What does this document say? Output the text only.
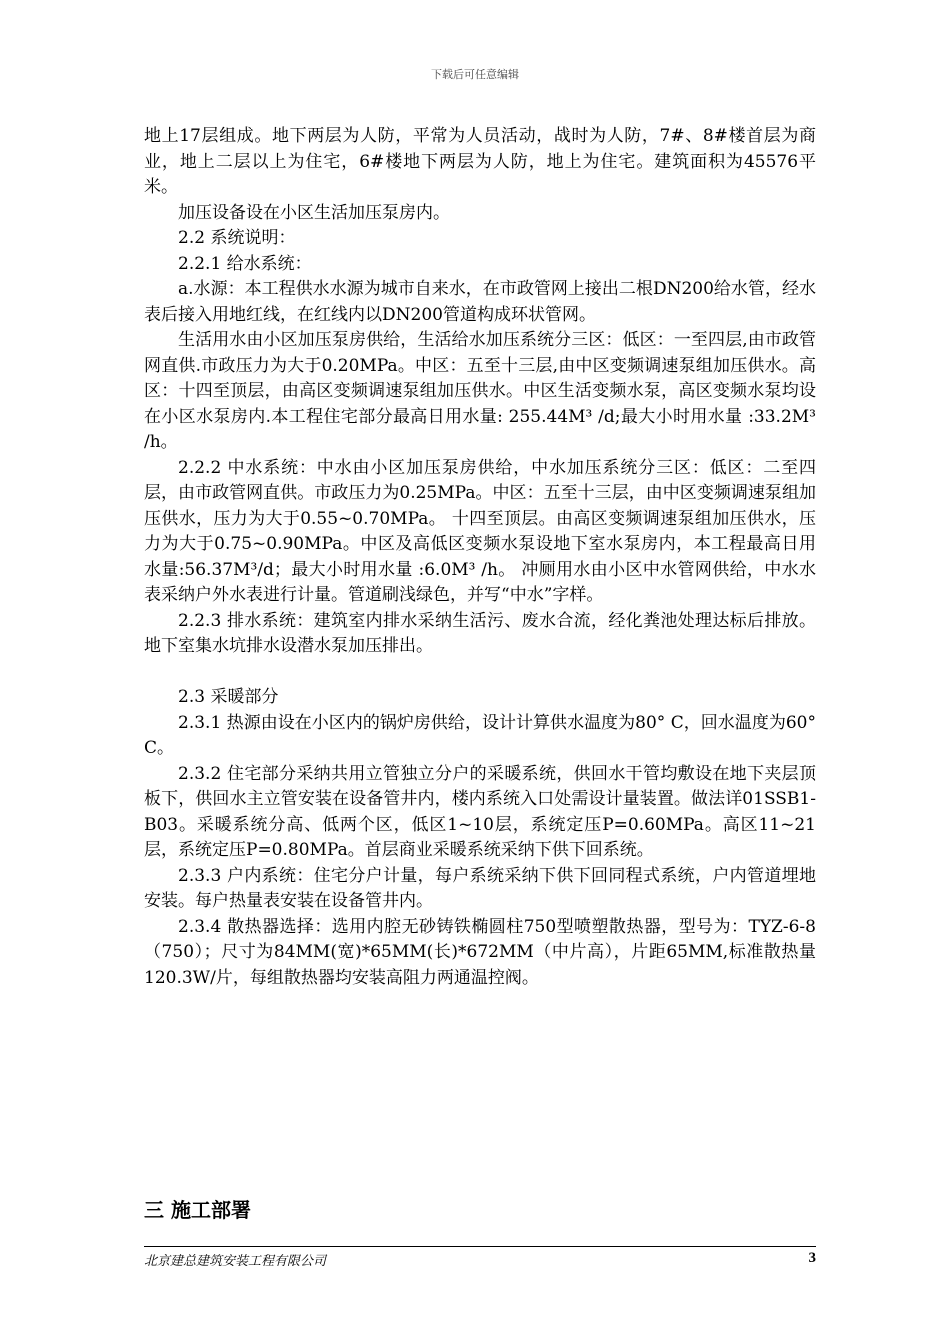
下载后可任意编辑

地上17层组成。地下两层为人防，平常为人员活动，战时为人防，7#、8#楼首层为商业，地上二层以上为住宅，6#楼地下两层为人防，地上为住宅。建筑面积为45576平米。

加压设备设在小区生活加压泵房内。

2.2 系统说明：

2.2.1 给水系统：

a.水源：本工程供水水源为城市自来水，在市政管网上接出二根DN200给水管，经水表后接入用地红线，在红线内以DN200管道构成环状管网。

生活用水由小区加压泵房供给，生活给水加压系统分三区：低区：一至四层,由市政管网直供.市政压力为大于0.20MPa。中区：五至十三层,由中区变频调速泵组加压供水。高区：十四至顶层，由高区变频调速泵组加压供水。中区生活变频水泵，高区变频水泵均设在小区水泵房内.本工程住宅部分最高日用水量: 255.44M³ /d;最大小时用水量 :33.2M³ /h。

2.2.2 中水系统：中水由小区加压泵房供给，中水加压系统分三区：低区：二至四层，由市政管网直供。市政压力为0.25MPa。中区：五至十三层，由中区变频调速泵组加压供水，压力为大于0.55~0.70MPa。 十四至顶层。由高区变频调速泵组加压供水，压力为大于0.75~0.90MPa。中区及高低区变频水泵设地下室水泵房内，本工程最高日用水量:56.37M³/d；最大小时用水量 :6.0M³ /h。 冲厕用水由小区中水管网供给，中水水表采纳户外水表进行计量。管道刷浅绿色，并写“中水”字样。

2.2.3 排水系统：建筑室内排水采纳生活污、废水合流，经化粪池处理达标后排放。地下室集水坑排水设潜水泵加压排出。

2.3 采暖部分

2.3.1 热源由设在小区内的锅炉房供给，设计计算供水温度为80° C，回水温度为60° C。

2.3.2 住宅部分采纳共用立管独立分户的采暖系统，供回水干管均敷设在地下夹层顶板下，供回水主立管安装在设备管井内，楼内系统入口处需设计量装置。做法详01SSB1-B03。采暖系统分高、低两个区，低区1~10层，系统定压P=0.60MPa。高区11~21层，系统定压P=0.80MPa。首层商业采暖系统采纳下供下回系统。

2.3.3 户内系统：住宅分户计量，每户系统采纳下供下回同程式系统，户内管道埋地安装。每户热量表安装在设备管井内。

2.3.4 散热器选择：选用内腔无砂铸铁椭圆柱750型喷塑散热器，型号为：TYZ-6-8（750）；尺寸为84MM(宽)*65MM(长)*672MM（中片高），片距65MM,标准散热量120.3W/片，每组散热器均安装高阻力两通温控阀。

三 施工部署
北京建总建筑安装工程有限公司	3
